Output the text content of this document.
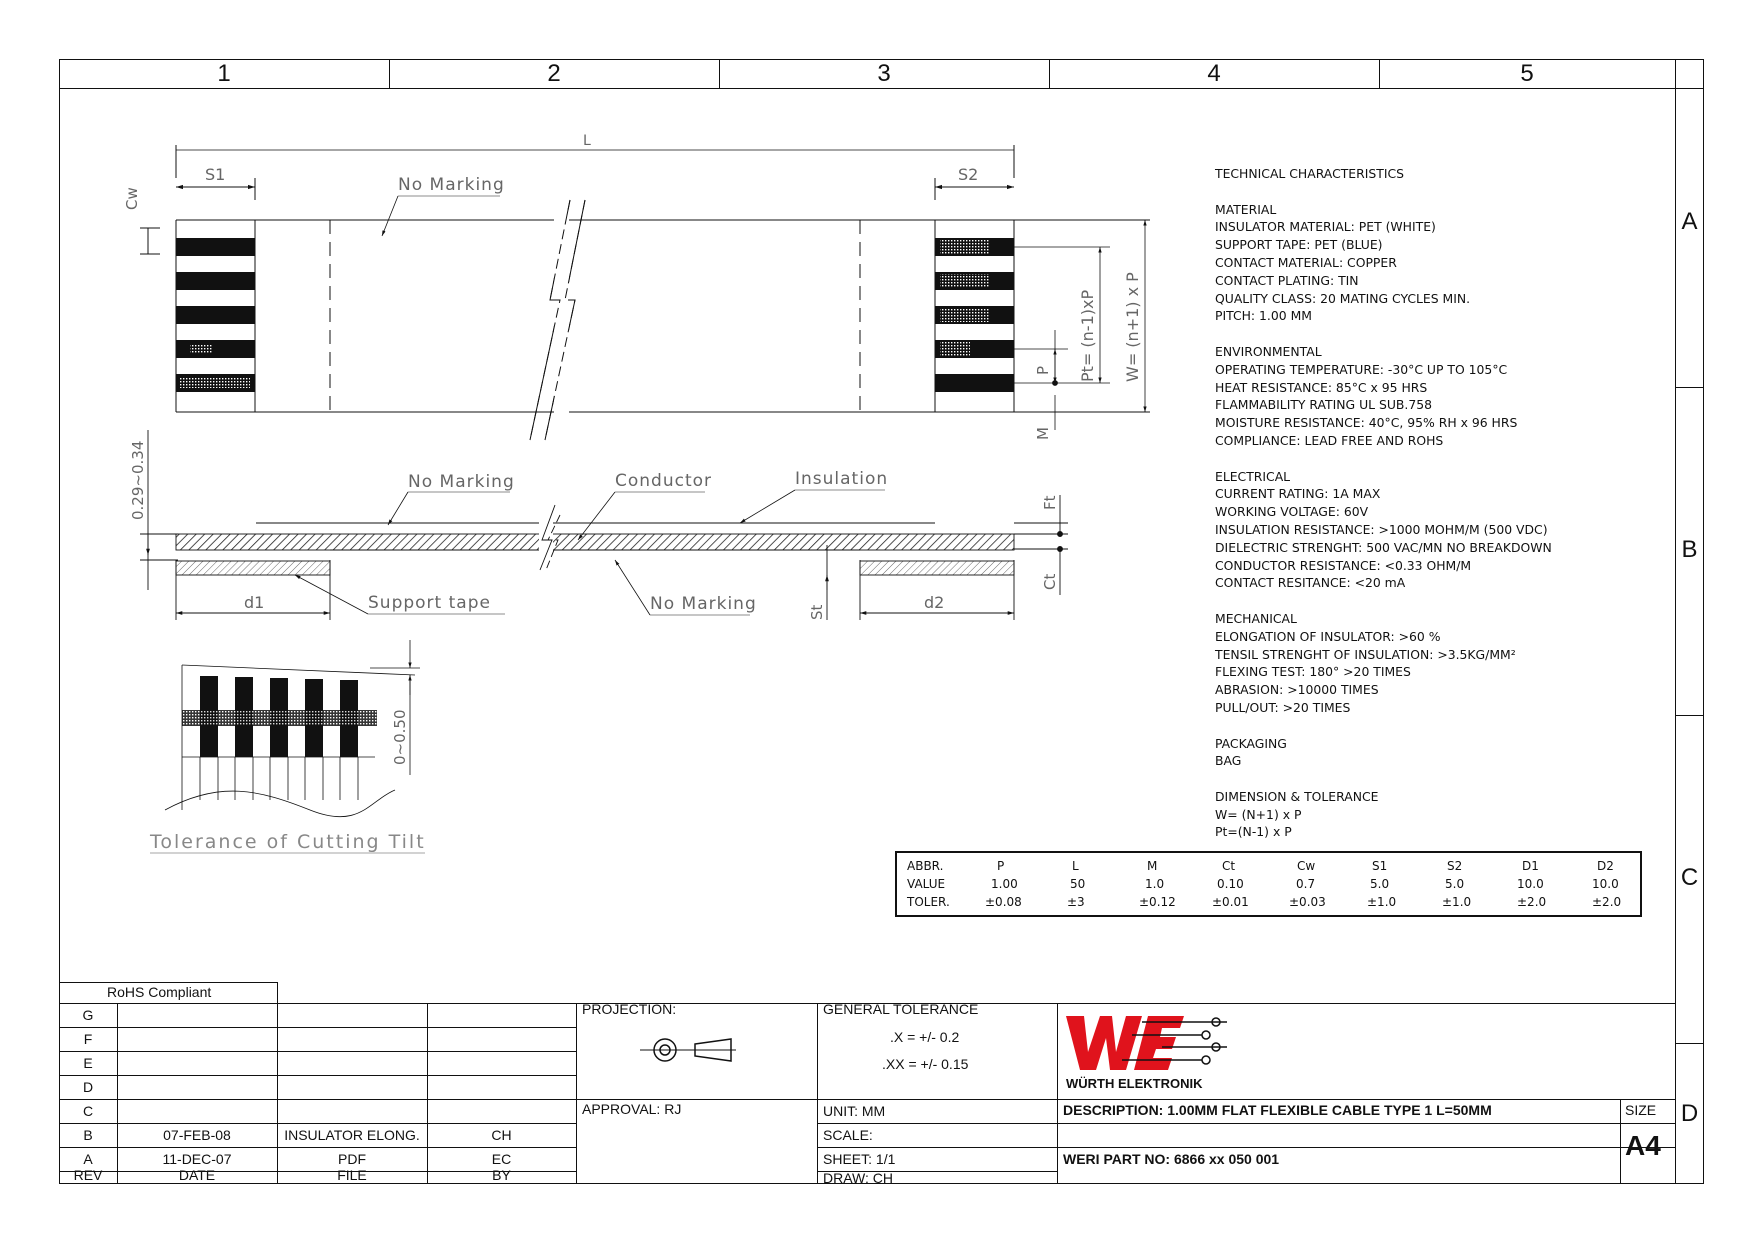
1	2	3	4	5
A
B
C
D
L
S1	S2
Cw
No Marking
Pt= (n-1)xP W= (n+1) x P
P
M
0.29~0.34	No Marking	Conductor	Insulation
Ft
Ct
St
d1	d2
Support tape	No Marking
0~0.50
Tolerance of Cutting Tilt
TECHNICAL CHARACTERISTICS
MATERIAL
INSULATOR MATERIAL: PET (WHITE)
SUPPORT TAPE: PET (BLUE)
CONTACT MATERIAL: COPPER
CONTACT PLATING: TIN
QUALITY CLASS: 20 MATING CYCLES MIN.
PITCH: 1.00 MM
ENVIRONMENTAL
OPERATING TEMPERATURE: -30°C UP TO 105°C
HEAT RESISTANCE: 85°C x 95 HRS
FLAMMABILITY RATING UL SUB.758
MOISTURE RESISTANCE: 40°C, 95% RH x 96 HRS
COMPLIANCE: LEAD FREE AND ROHS
ELECTRICAL
CURRENT RATING: 1A MAX
WORKING VOLTAGE: 60V
INSULATION RESISTANCE: >1000 MOHM/M (500 VDC)
DIELECTRIC STRENGHT: 500 VAC/MN NO BREAKDOWN
CONDUCTOR RESISTANCE: <0.33 OHM/M
CONTACT RESITANCE: <20 mA
MECHANICAL
ELONGATION OF INSULATOR: >60 %
TENSIL STRENGHT OF INSULATION: >3.5KG/MM²
FLEXING TEST: 180° >20 TIMES
ABRASION: >10000 TIMES
PULL/OUT: >20 TIMES
PACKAGING
BAG
DIMENSION & TOLERANCE
W= (N+1) x P
Pt=(N-1) x P
ABBR.	P	L	M	Ct	Cw	S1	S2	D1	D2
VALUE	1.00	50	1.0	0.10	0.7	5.0	5.0	10.0	10.0
TOLER.	±0.08	±3	±0.12	±0.01	±0.03	±1.0	±1.0	±2.0	±2.0
RoHS Compliant
G
F
E
D
C
B	07-FEB-08	INSULATOR ELONG.	CH
A	11-DEC-07	PDF	EC
REV	DATE	FILE	BY
PROJECTION:
APPROVAL: RJ
GENERAL TOLERANCE
.X = +/- 0.2
.XX = +/- 0.15
UNIT: MM
SCALE:
SHEET: 1/1
DRAW: CH
WÜRTH ELEKTRONIK
DESCRIPTION: 1.00MM FLAT FLEXIBLE CABLE TYPE 1 L=50MM
WERI PART NO: 6866 xx 050 001
SIZE
A4
